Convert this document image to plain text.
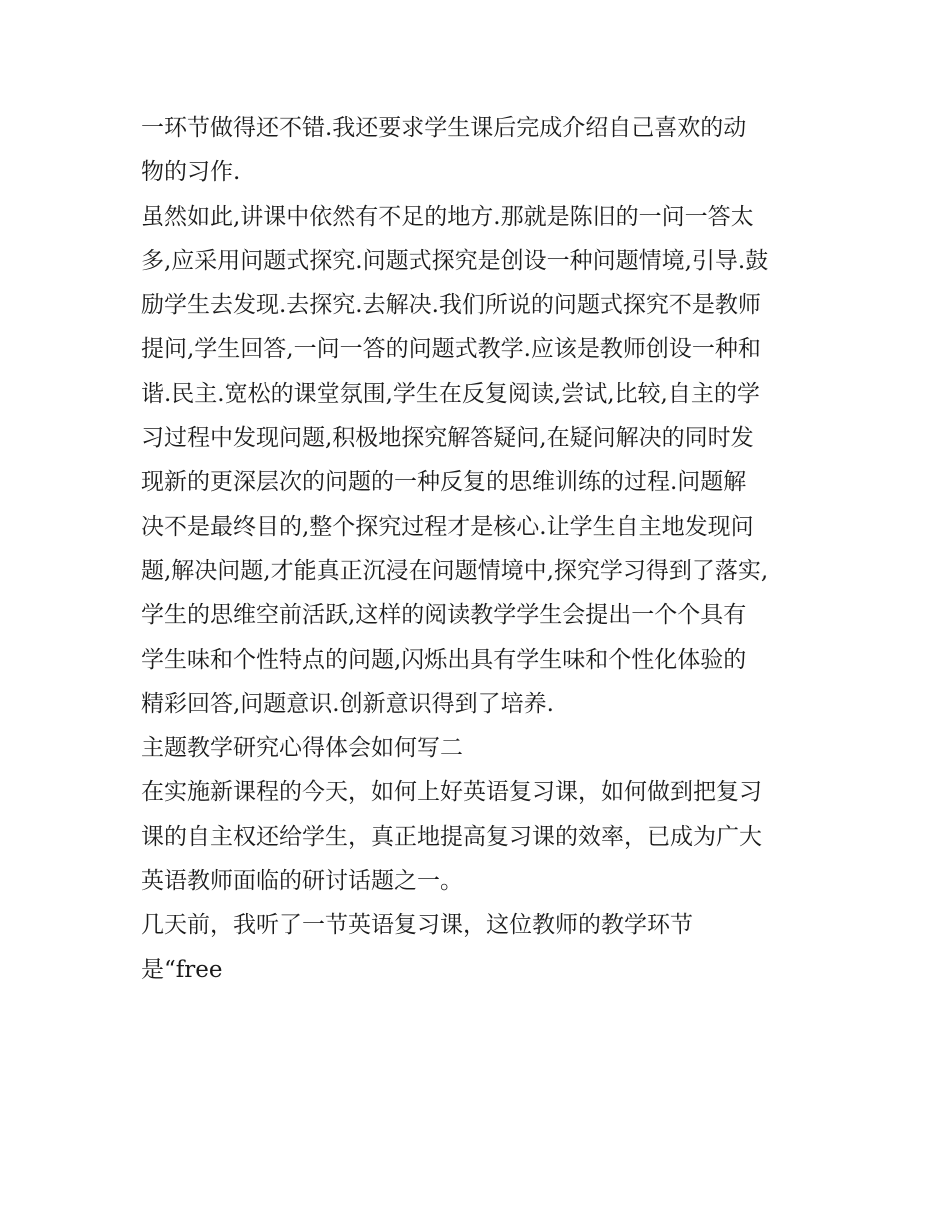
一环节做得还不错.我还要求学生课后完成介绍自己喜欢的动
物的习作.
虽然如此,讲课中依然有不足的地方.那就是陈旧的一问一答太
多,应采用问题式探究.问题式探究是创设一种问题情境,引导.鼓
励学生去发现.去探究.去解决.我们所说的问题式探究不是教师
提问,学生回答,一问一答的问题式教学.应该是教师创设一种和
谐.民主.宽松的课堂氛围,学生在反复阅读,尝试,比较,自主的学
习过程中发现问题,积极地探究解答疑问,在疑问解决的同时发
现新的更深层次的问题的一种反复的思维训练的过程.问题解
决不是最终目的,整个探究过程才是核心.让学生自主地发现问
题,解决问题,才能真正沉浸在问题情境中,探究学习得到了落实,
学生的思维空前活跃,这样的阅读教学学生会提出一个个具有
学生味和个性特点的问题,闪烁出具有学生味和个性化体验的
精彩回答,问题意识.创新意识得到了培养.
主题教学研究心得体会如何写二
在实施新课程的今天，如何上好英语复习课，如何做到把复习
课的自主权还给学生，真正地提高复习课的效率，已成为广大
英语教师面临的研讨话题之一。
几天前，我听了一节英语复习课，这位教师的教学环节
是“free
